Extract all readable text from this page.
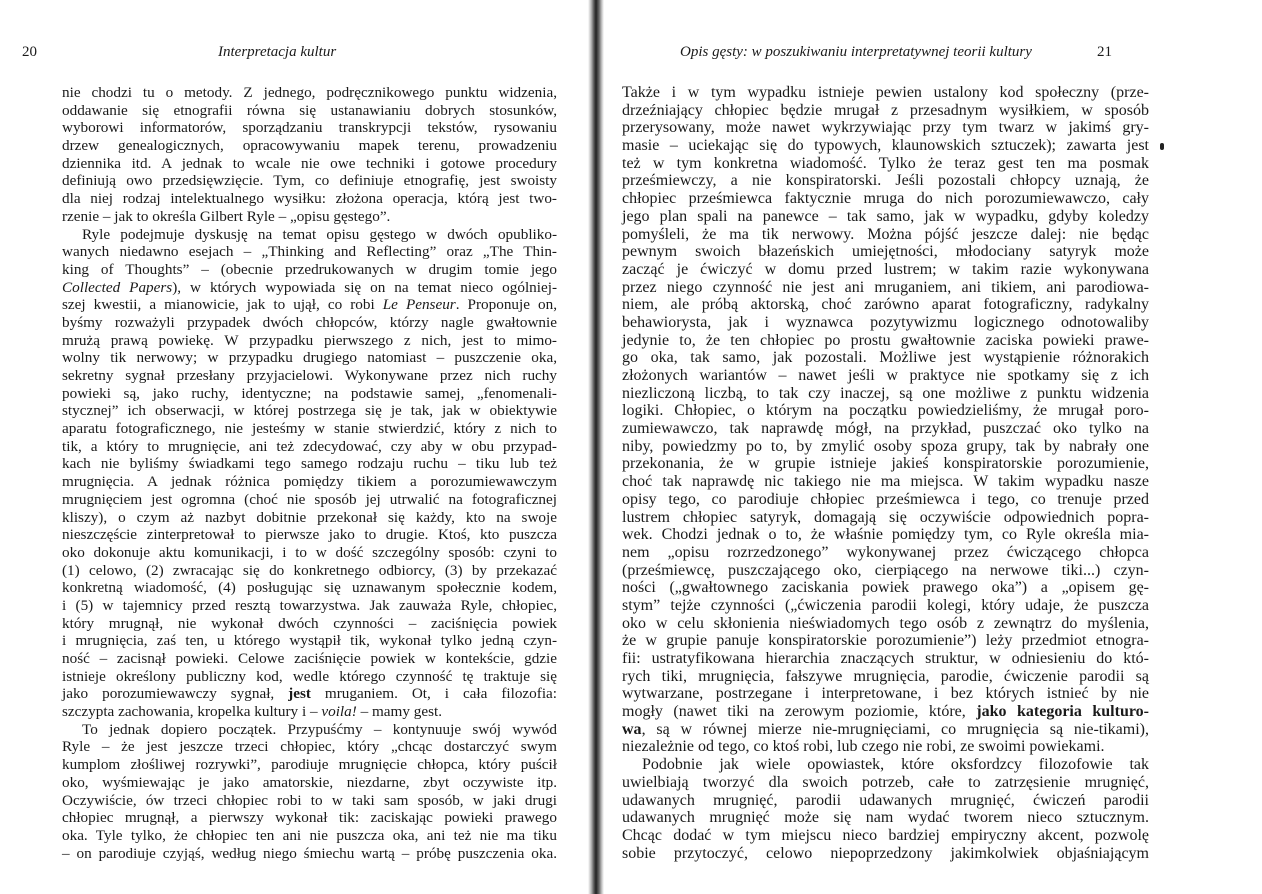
20	Interpretacja kultur
nie chodzi tu o metody. Z jednego, podręcznikowego punktu widzenia,
oddawanie się etnografii równa się ustanawianiu dobrych stosunków,
wyborowi informatorów, sporządzaniu transkrypcji tekstów, rysowaniu
drzew genealogicznych, opracowywaniu mapek terenu, prowadzeniu
dziennika itd. A jednak to wcale nie owe techniki i gotowe procedury
definiują owo przedsięwzięcie. Tym, co definiuje etnografię, jest swoisty
dla niej rodzaj intelektualnego wysiłku: złożona operacja, którą jest two-
rzenie – jak to określa Gilbert Ryle – „opisu gęstego”.
Ryle podejmuje dyskusję na temat opisu gęstego w dwóch opubliko-
wanych niedawno esejach – „Thinking and Reflecting” oraz „The Thin-
king of Thoughts” – (obecnie przedrukowanych w drugim tomie jego
Collected Papers), w których wypowiada się on na temat nieco ogólniej-
szej kwestii, a mianowicie, jak to ujął, co robi Le Penseur. Proponuje on,
byśmy rozważyli przypadek dwóch chłopców, którzy nagle gwałtownie
mrużą prawą powiekę. W przypadku pierwszego z nich, jest to mimo-
wolny tik nerwowy; w przypadku drugiego natomiast – puszczenie oka,
sekretny sygnał przesłany przyjacielowi. Wykonywane przez nich ruchy
powieki są, jako ruchy, identyczne; na podstawie samej, „fenomenali-
stycznej” ich obserwacji, w której postrzega się je tak, jak w obiektywie
aparatu fotograficznego, nie jesteśmy w stanie stwierdzić, który z nich to
tik, a który to mrugnięcie, ani też zdecydować, czy aby w obu przypad-
kach nie byliśmy świadkami tego samego rodzaju ruchu – tiku lub też
mrugnięcia. A jednak różnica pomiędzy tikiem a porozumiewawczym
mrugnięciem jest ogromna (choć nie sposób jej utrwalić na fotograficznej
kliszy), o czym aż nazbyt dobitnie przekonał się każdy, kto na swoje
nieszczęście zinterpretował to pierwsze jako to drugie. Ktoś, kto puszcza
oko dokonuje aktu komunikacji, i to w dość szczególny sposób: czyni to
(1) celowo, (2) zwracając się do konkretnego odbiorcy, (3) by przekazać
konkretną wiadomość, (4) posługując się uznawanym społecznie kodem,
i (5) w tajemnicy przed resztą towarzystwa. Jak zauważa Ryle, chłopiec,
który mrugnął, nie wykonał dwóch czynności – zaciśnięcia powiek
i mrugnięcia, zaś ten, u którego wystąpił tik, wykonał tylko jedną czyn-
ność – zacisnął powieki. Celowe zaciśnięcie powiek w kontekście, gdzie
istnieje określony publiczny kod, wedle którego czynność tę traktuje się
jako porozumiewawczy sygnał, jest mruganiem. Ot, i cała filozofia:
szczypta zachowania, kropelka kultury i – voila! – mamy gest.
To jednak dopiero początek. Przypuśćmy – kontynuuje swój wywód
Ryle – że jest jeszcze trzeci chłopiec, który „chcąc dostarczyć swym
kumplom złośliwej rozrywki”, parodiuje mrugnięcie chłopca, który puścił
oko, wyśmiewając je jako amatorskie, niezdarne, zbyt oczywiste itp.
Oczywiście, ów trzeci chłopiec robi to w taki sam sposób, w jaki drugi
chłopiec mrugnął, a pierwszy wykonał tik: zaciskając powieki prawego
oka. Tyle tylko, że chłopiec ten ani nie puszcza oka, ani też nie ma tiku
– on parodiuje czyjąś, według niego śmiechu wartą – próbę puszczenia oka.
Opis gęsty: w poszukiwaniu interpretatywnej teorii kultury	21
Także i w tym wypadku istnieje pewien ustalony kod społeczny (prze-
drzeźniający chłopiec będzie mrugał z przesadnym wysiłkiem, w sposób
przerysowany, może nawet wykrzywiając przy tym twarz w jakimś gry-
masie – uciekając się do typowych, klaunowskich sztuczek); zawarta jest
też w tym konkretna wiadomość. Tylko że teraz gest ten ma posmak
prześmiewczy, a nie konspiratorski. Jeśli pozostali chłopcy uznają, że
chłopiec prześmiewca faktycznie mruga do nich porozumiewawczo, cały
jego plan spali na panewce – tak samo, jak w wypadku, gdyby koledzy
pomyśleli, że ma tik nerwowy. Można pójść jeszcze dalej: nie będąc
pewnym swoich błazeńskich umiejętności, młodociany satyryk może
zacząć je ćwiczyć w domu przed lustrem; w takim razie wykonywana
przez niego czynność nie jest ani mruganiem, ani tikiem, ani parodiowa-
niem, ale próbą aktorską, choć zarówno aparat fotograficzny, radykalny
behawiorysta, jak i wyznawca pozytywizmu logicznego odnotowaliby
jedynie to, że ten chłopiec po prostu gwałtownie zaciska powieki prawe-
go oka, tak samo, jak pozostali. Możliwe jest wystąpienie różnorakich
złożonych wariantów – nawet jeśli w praktyce nie spotkamy się z ich
niezliczoną liczbą, to tak czy inaczej, są one możliwe z punktu widzenia
logiki. Chłopiec, o którym na początku powiedzieliśmy, że mrugał poro-
zumiewawczo, tak naprawdę mógł, na przykład, puszczać oko tylko na
niby, powiedzmy po to, by zmylić osoby spoza grupy, tak by nabrały one
przekonania, że w grupie istnieje jakieś konspiratorskie porozumienie,
choć tak naprawdę nic takiego nie ma miejsca. W takim wypadku nasze
opisy tego, co parodiuje chłopiec prześmiewca i tego, co trenuje przed
lustrem chłopiec satyryk, domagają się oczywiście odpowiednich popra-
wek. Chodzi jednak o to, że właśnie pomiędzy tym, co Ryle określa mia-
nem „opisu rozrzedzonego” wykonywanej przez ćwiczącego chłopca
(prześmiewcę, puszczającego oko, cierpiącego na nerwowe tiki...) czyn-
ności („gwałtownego zaciskania powiek prawego oka”) a „opisem gę-
stym” tejże czynności („ćwiczenia parodii kolegi, który udaje, że puszcza
oko w celu skłonienia nieświadomych tego osób z zewnątrz do myślenia,
że w grupie panuje konspiratorskie porozumienie”) leży przedmiot etnogra-
fii: ustratyfikowana hierarchia znaczących struktur, w odniesieniu do któ-
rych tiki, mrugnięcia, fałszywe mrugnięcia, parodie, ćwiczenie parodii są
wytwarzane, postrzegane i interpretowane, i bez których istnieć by nie
mogły (nawet tiki na zerowym poziomie, które, jako kategoria kulturo-
wa, są w równej mierze nie-mrugnięciami, co mrugnięcia są nie-tikami),
niezależnie od tego, co ktoś robi, lub czego nie robi, ze swoimi powiekami.
Podobnie jak wiele opowiastek, które oksfordzcy filozofowie tak
uwielbiają tworzyć dla swoich potrzeb, całe to zatrzęsienie mrugnięć,
udawanych mrugnięć, parodii udawanych mrugnięć, ćwiczeń parodii
udawanych mrugnięć może się nam wydać tworem nieco sztucznym.
Chcąc dodać w tym miejscu nieco bardziej empiryczny akcent, pozwolę
sobie przytoczyć, celowo niepoprzedzony jakimkolwiek objaśniającym
